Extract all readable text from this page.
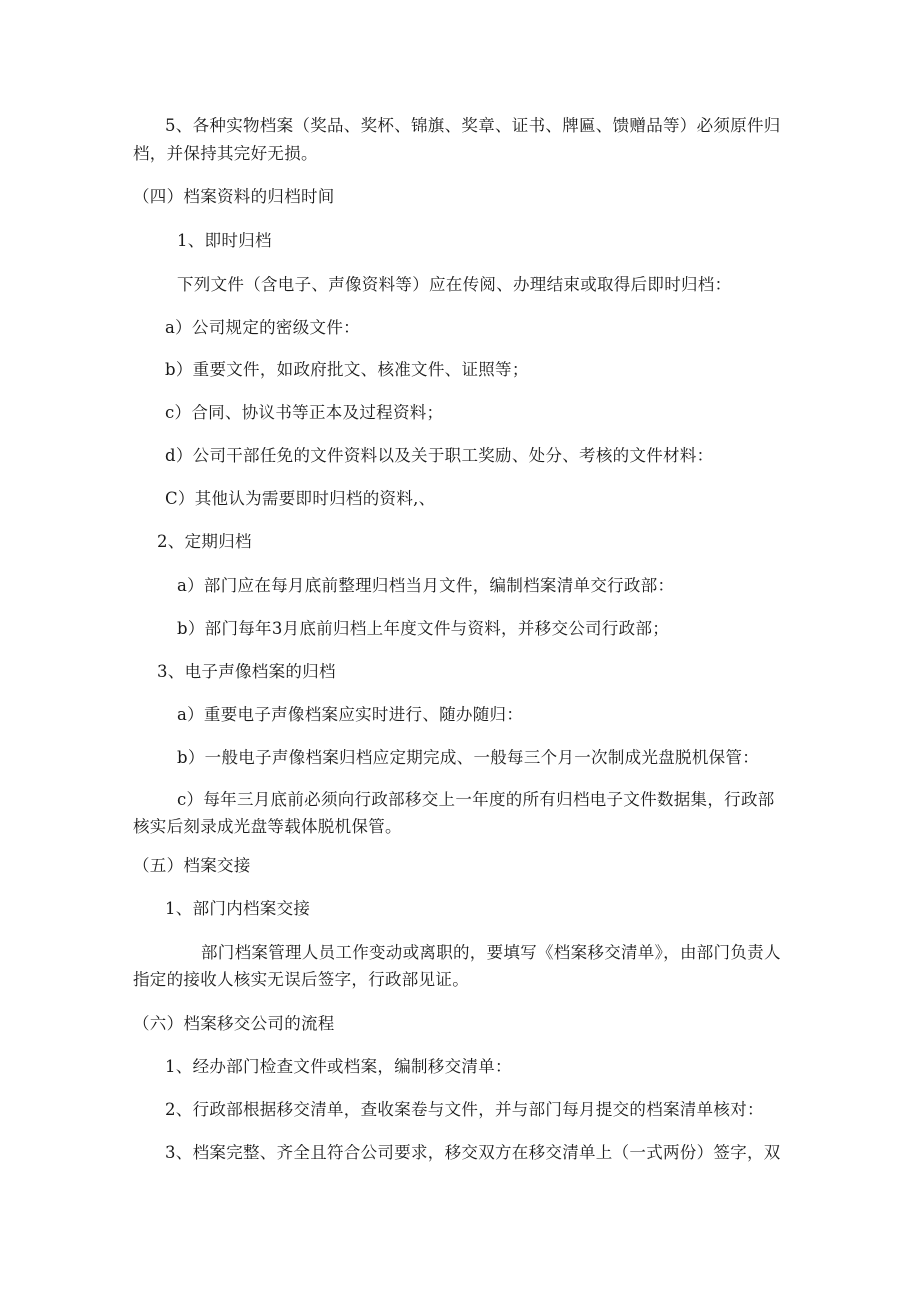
5、各种实物档案（奖品、奖杯、锦旗、奖章、证书、牌匾、馈赠品等）必须原件归
档，并保持其完好无损。
（四）档案资料的归档时间
1、即时归档
下列文件（含电子、声像资料等）应在传阅、办理结束或取得后即时归档：
a）公司规定的密级文件：
b）重要文件，如政府批文、核准文件、证照等；
c）合同、协议书等正本及过程资料；
d）公司干部任免的文件资料以及关于职工奖励、处分、考核的文件材料：
C）其他认为需要即时归档的资料,、
2、定期归档
a）部门应在每月底前整理归档当月文件，编制档案清单交行政部：
b）部门每年3月底前归档上年度文件与资料，并移交公司行政部；
3、电子声像档案的归档
a）重要电子声像档案应实时进行、随办随归：
b）一般电子声像档案归档应定期完成、一般每三个月一次制成光盘脱机保管：
c）每年三月底前必须向行政部移交上一年度的所有归档电子文件数据集，行政部
核实后刻录成光盘等载体脱机保管。
（五）档案交接
1、部门内档案交接
部门档案管理人员工作变动或离职的，要填写《档案移交清单》，由部门负责人
指定的接收人核实无误后签字，行政部见证。
（六）档案移交公司的流程
1、经办部门检查文件或档案，编制移交清单：
2、行政部根据移交清单，查收案卷与文件，并与部门每月提交的档案清单核对：
3、档案完整、齐全且符合公司要求，移交双方在移交清单上（一式两份）签字，双
